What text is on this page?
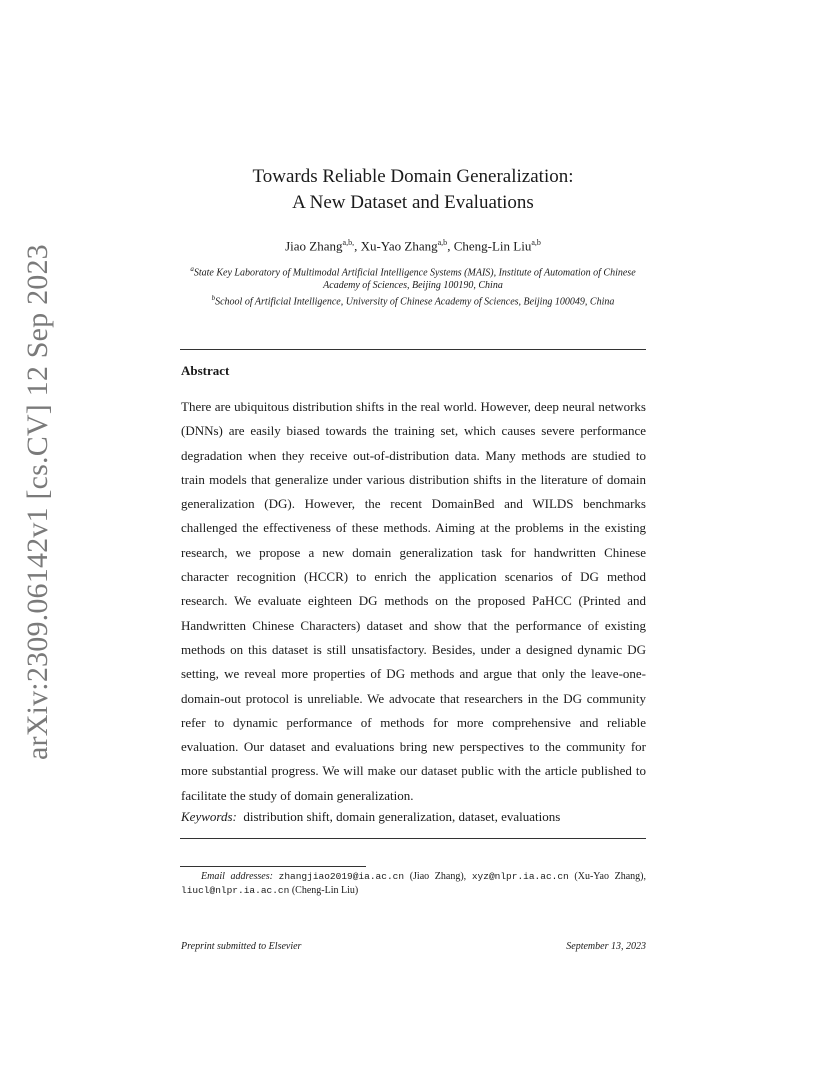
arXiv:2309.06142v1 [cs.CV] 12 Sep 2023
Towards Reliable Domain Generalization:
A New Dataset and Evaluations
Jiao Zhang$^{a,b,}$, Xu-Yao Zhang$^{a,b}$, Cheng-Lin Liu$^{a,b}$
$^a$State Key Laboratory of Multimodal Artificial Intelligence Systems (MAIS), Institute of Automation of Chinese Academy of Sciences, Beijing 100190, China
$^b$School of Artificial Intelligence, University of Chinese Academy of Sciences, Beijing 100049, China
Abstract
There are ubiquitous distribution shifts in the real world. However, deep neural networks (DNNs) are easily biased towards the training set, which causes severe performance degradation when they receive out-of-distribution data. Many methods are studied to train models that generalize under various distribution shifts in the literature of domain generalization (DG). However, the recent DomainBed and WILDS benchmarks challenged the effectiveness of these methods. Aiming at the problems in the existing research, we propose a new domain generalization task for handwritten Chinese character recognition (HCCR) to enrich the application scenarios of DG method research. We evaluate eighteen DG methods on the proposed PaHCC (Printed and Handwritten Chinese Characters) dataset and show that the performance of existing methods on this dataset is still unsatisfactory. Besides, under a designed dynamic DG setting, we reveal more properties of DG methods and argue that only the leave-one-domain-out protocol is unreliable. We advocate that researchers in the DG community refer to dynamic performance of methods for more comprehensive and reliable evaluation. Our dataset and evaluations bring new perspectives to the community for more substantial progress. We will make our dataset public with the article published to facilitate the study of domain generalization.
Keywords: distribution shift, domain generalization, dataset, evaluations
Email addresses: zhangjiao2019@ia.ac.cn (Jiao Zhang), xyz@nlpr.ia.ac.cn (Xu-Yao Zhang), liucl@nlpr.ia.ac.cn (Cheng-Lin Liu)
Preprint submitted to Elsevier	September 13, 2023
